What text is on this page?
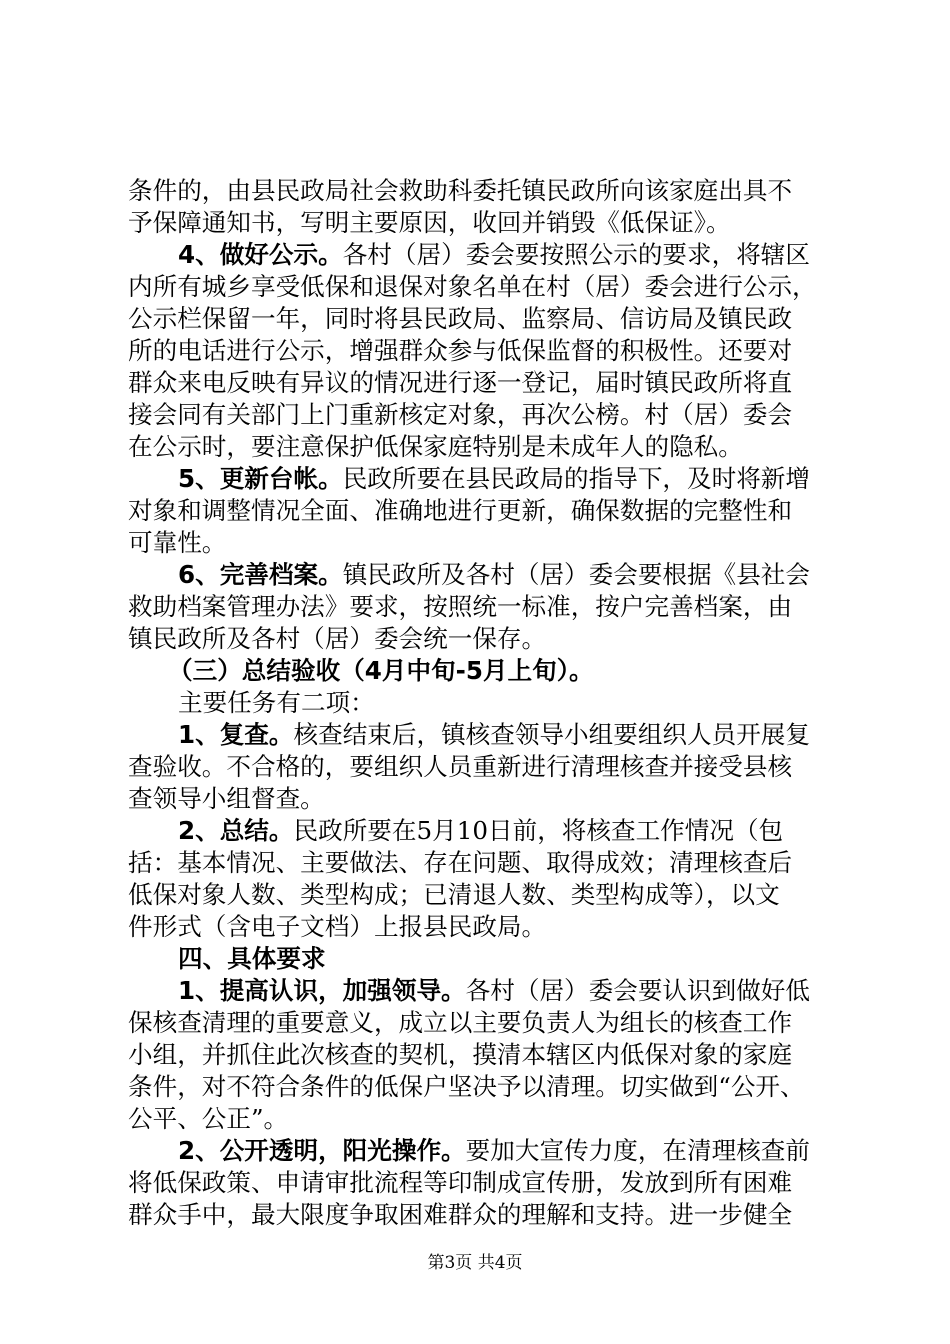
条件的，由县民政局社会救助科委托镇民政所向该家庭出具不
予保障通知书，写明主要原因，收回并销毁《低保证》。
4、做好公示。各村（居）委会要按照公示的要求，将辖区
内所有城乡享受低保和退保对象名单在村（居）委会进行公示，
公示栏保留一年，同时将县民政局、监察局、信访局及镇民政
所的电话进行公示，增强群众参与低保监督的积极性。还要对
群众来电反映有异议的情况进行逐一登记，届时镇民政所将直
接会同有关部门上门重新核定对象，再次公榜。村（居）委会
在公示时，要注意保护低保家庭特别是未成年人的隐私。
5、更新台帐。民政所要在县民政局的指导下，及时将新增
对象和调整情况全面、准确地进行更新，确保数据的完整性和
可靠性。
6、完善档案。镇民政所及各村（居）委会要根据《县社会
救助档案管理办法》要求，按照统一标准，按户完善档案，由
镇民政所及各村（居）委会统一保存。
（三）总结验收（4月中旬-5月上旬）。
主要任务有二项：
1、复查。核查结束后，镇核查领导小组要组织人员开展复
查验收。不合格的，要组织人员重新进行清理核查并接受县核
查领导小组督查。
2、总结。民政所要在5月10日前，将核查工作情况（包
括：基本情况、主要做法、存在问题、取得成效；清理核查后
低保对象人数、类型构成；已清退人数、类型构成等），以文
件形式（含电子文档）上报县民政局。
四、具体要求
1、提高认识，加强领导。各村（居）委会要认识到做好低
保核查清理的重要意义，成立以主要负责人为组长的核查工作
小组，并抓住此次核查的契机，摸清本辖区内低保对象的家庭
条件，对不符合条件的低保户坚决予以清理。切实做到“公开、
公平、公正”。
2、公开透明，阳光操作。要加大宣传力度，在清理核查前
将低保政策、申请审批流程等印制成宣传册，发放到所有困难
群众手中，最大限度争取困难群众的理解和支持。进一步健全
第3页 共4页
